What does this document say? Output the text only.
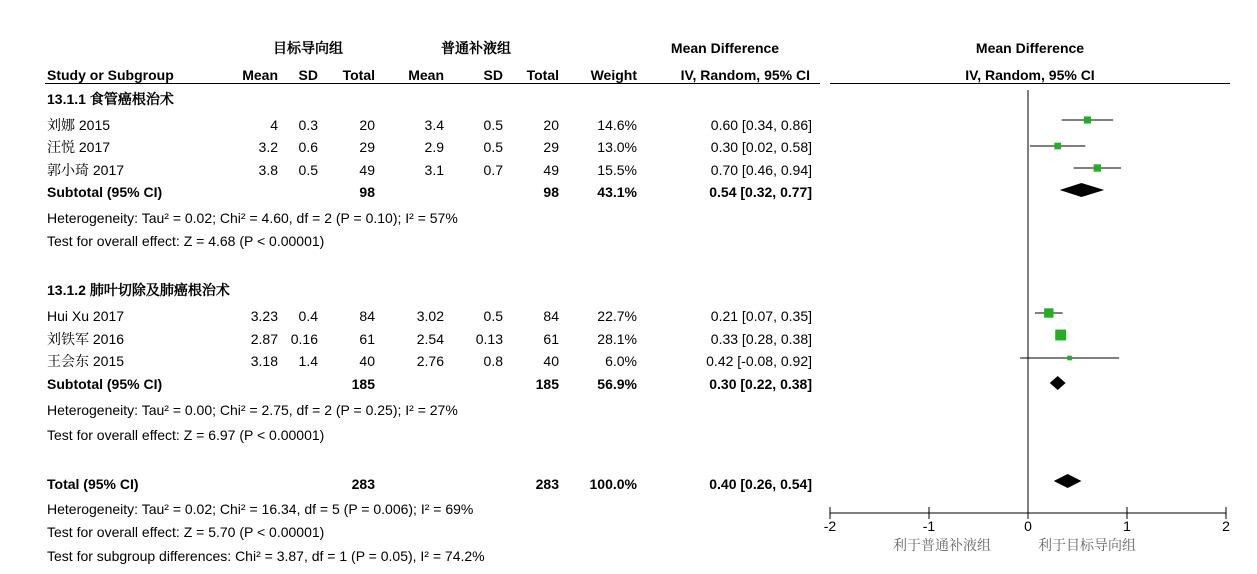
目标导向组	普通补液组	Mean Difference	Mean Difference
Study or Subgroup	Mean	SD	Total	Mean	SD	Total	Weight	IV, Random, 95% CI	IV, Random, 95% CI
13.1.1 食管癌根治术
刘娜 2015	4	0.3	20	3.4	0.5	20	14.6%	0.60 [0.34, 0.86]
汪悦 2017	3.2	0.6	29	2.9	0.5	29	13.0%	0.30 [0.02, 0.58]
郭小琦 2017	3.8	0.5	49	3.1	0.7	49	15.5%	0.70 [0.46, 0.94]
Subtotal (95% CI)	98	98	43.1%	0.54 [0.32, 0.77]
Heterogeneity: Tau² = 0.02; Chi² = 4.60, df = 2 (P = 0.10); I² = 57%
Test for overall effect: Z = 4.68 (P < 0.00001)
13.1.2 肺叶切除及肺癌根治术
Hui Xu 2017	3.23	0.4	84	3.02	0.5	84	22.7%	0.21 [0.07, 0.35]
刘铁军 2016	2.87 0.16	61	2.54	0.13	61	28.1%	0.33 [0.28, 0.38]
王会东 2015	3.18	1.4	40	2.76	0.8	40	6.0%	0.42 [-0.08, 0.92]
Subtotal (95% CI)	185	185	56.9%	0.30 [0.22, 0.38]
Heterogeneity: Tau² = 0.00; Chi² = 2.75, df = 2 (P = 0.25); I² = 27%
Test for overall effect: Z = 6.97 (P < 0.00001)
Total (95% CI)	283	283	100.0%	0.40 [0.26, 0.54]
Heterogeneity: Tau² = 0.02; Chi² = 16.34, df = 5 (P = 0.006); I² = 69%
Test for overall effect: Z = 5.70 (P < 0.00001)
Test for subgroup differences: Chi² = 3.87, df = 1 (P = 0.05), I² = 74.2%
-2	-1	0	1	2
利于普通补液组	利于目标导向组
